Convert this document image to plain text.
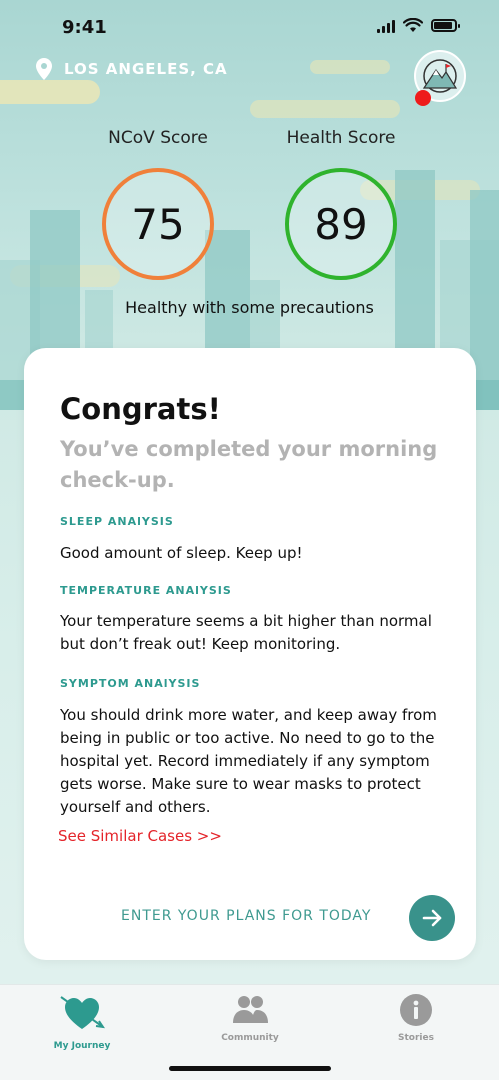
9:41
LOS ANGELES, CA
NCoV Score	Health Score
75	89
Healthy with some precautions
Congrats!
You’ve completed your morning check-up.
SLEEP ANAlYSIS
Good amount of sleep. Keep up!
TEMPERATURE ANAlYSIS
Your temperature seems a bit higher than normal but don’t freak out! Keep monitoring.
SYMPTOM ANAlYSIS
You should drink more water, and keep away from being in public or too active. No need to go to the hospital yet. Record immediately if any symptom gets worse. Make sure to wear masks to protect yourself and others.
See Similar Cases >>
ENTER YOUR PLANS FOR TODAY
My Journey
Community	Stories
